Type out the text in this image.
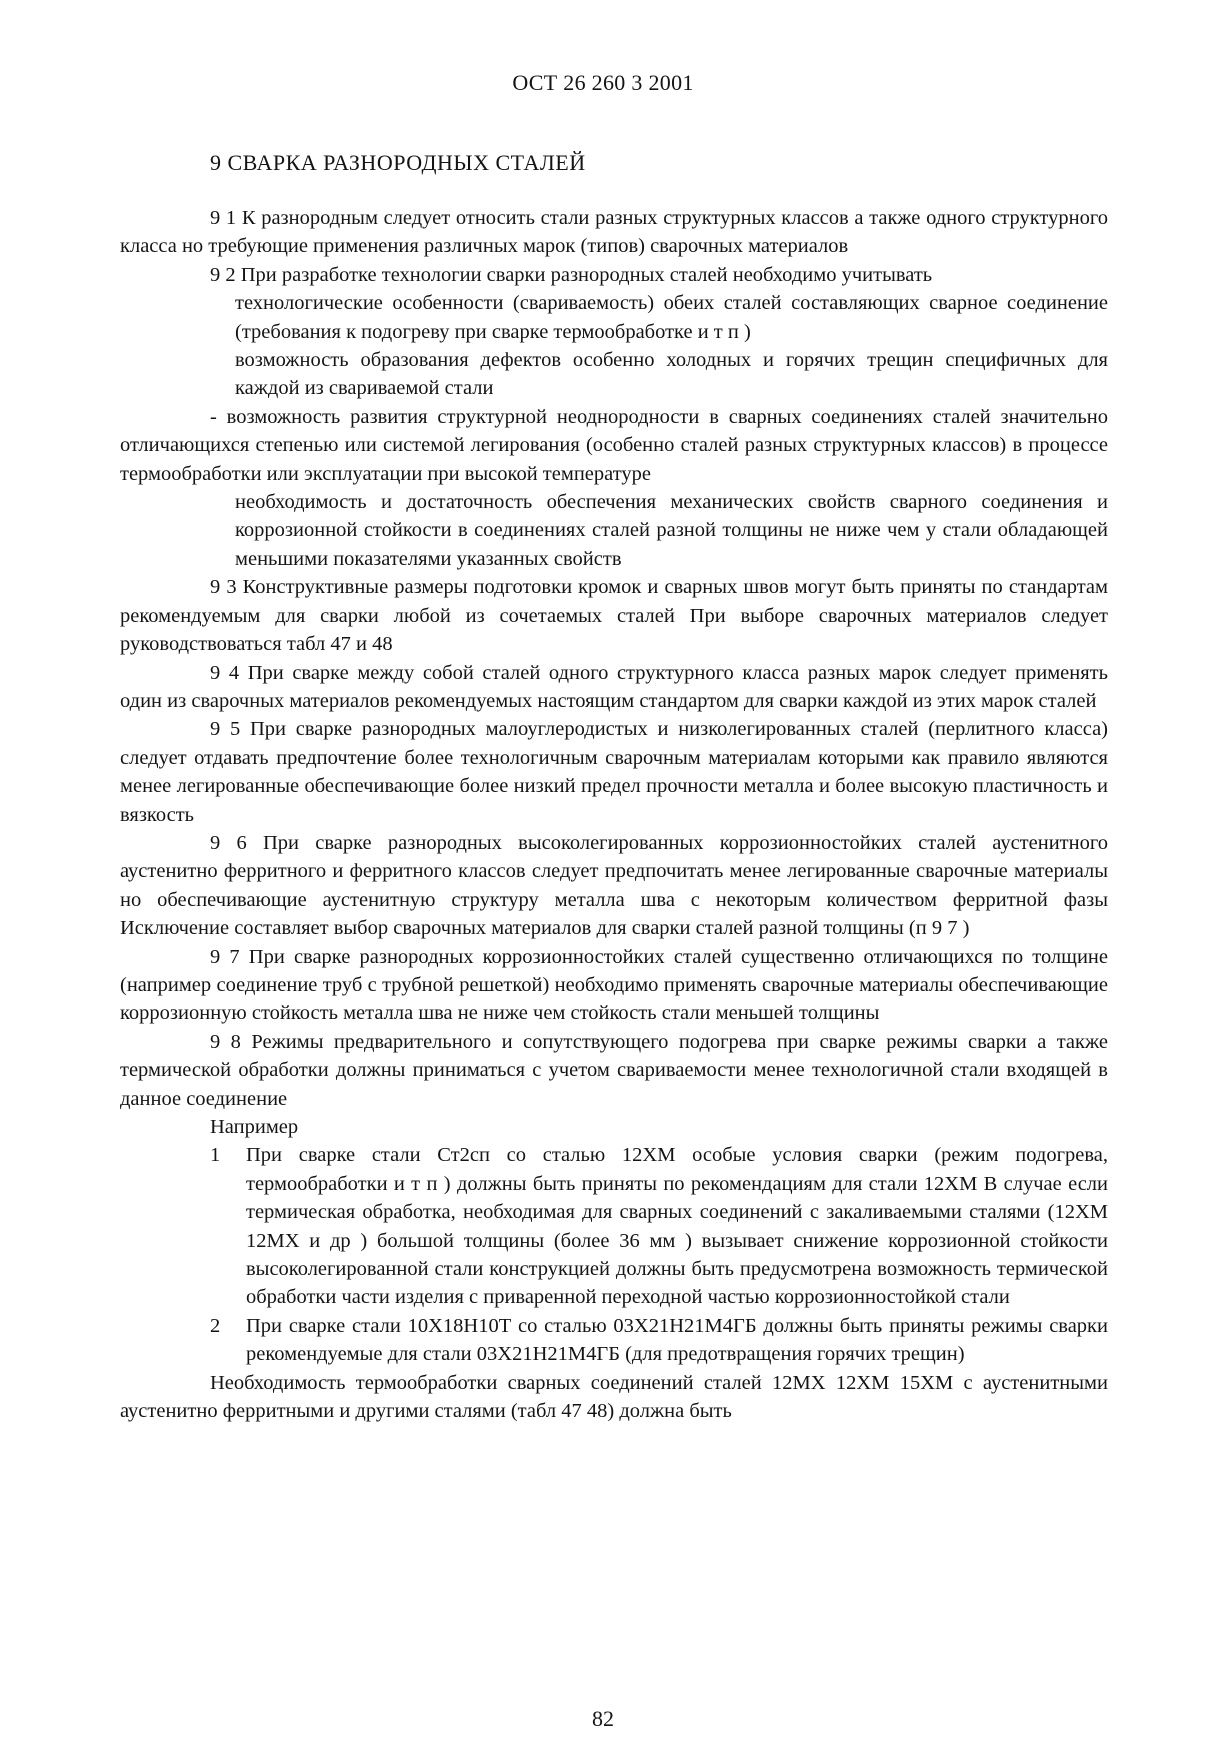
ОСТ 26 260 3 2001
9 СВАРКА РАЗНОРОДНЫХ СТАЛЕЙ

9 1 К разнородным следует относить стали разных структурных классов а также одного структурного класса но требующие применения различных марок (типов) сварочных материалов

9 2 При разработке технологии сварки разнородных сталей необходимо учитывать

технологические особенности (свариваемость) обеих сталей составляющих сварное соединение (требования к подогреву при сварке термообработке и т п )

возможность образования дефектов особенно холодных и горячих трещин специфичных для каждой из свариваемой стали

- возможность развития структурной неоднородности в сварных соединениях сталей значительно отличающихся степенью или системой легирования (особенно сталей разных структурных классов) в процессе термообработки или эксплуатации при высокой температуре

необходимость и достаточность обеспечения механических свойств сварного соединения и коррозионной стойкости в соединениях сталей разной толщины не ниже чем у стали обладающей меньшими показателями указанных свойств

9 3 Конструктивные размеры подготовки кромок и сварных швов могут быть приняты по стандартам рекомендуемым для сварки любой из сочетаемых сталей При выборе сварочных материалов следует руководствоваться табл 47 и 48

9 4 При сварке между собой сталей одного структурного класса разных марок следует применять один из сварочных материалов рекомендуемых настоящим стандартом для сварки каждой из этих марок сталей

9 5 При сварке разнородных малоуглеродистых и низколегированных сталей (перлитного класса) следует отдавать предпочтение более технологичным сварочным материалам которыми как правило являются менее легированные обеспечивающие более низкий предел прочности металла и более высокую пластичность и вязкость

9 6 При сварке разнородных высоколегированных коррозионностойких сталей аустенитного аустенитно ферритного и ферритного классов следует предпочитать менее легированные сварочные материалы но обеспечивающие аустенитную структуру металла шва с некоторым количеством ферритной фазы Исключение составляет выбор сварочных материалов для сварки сталей разной толщины (п 9 7 )

9 7 При сварке разнородных коррозионностойких сталей существенно отличающихся по толщине (например соединение труб с трубной решеткой) необходимо применять сварочные материалы обеспечивающие коррозионную стойкость металла шва не ниже чем стойкость стали меньшей толщины

9 8 Режимы предварительного и сопутствующего подогрева при сварке режимы сварки а также термической обработки должны приниматься с учетом свариваемости менее технологичной стали входящей в данное соединение

Например

1	При сварке стали Ст2сп со сталью 12ХМ особые условия сварки (режим подогрева, термообработки и т п ) должны быть приняты по рекомендациям для стали 12ХМ В случае если термическая обработка, необходимая для сварных соединений с закаливаемыми сталями (12ХМ 12МХ и др ) большой толщины (более 36 мм ) вызывает снижение коррозионной стойкости высоколегированной стали конструкцией должны быть предусмотрена возможность термической обработки части изделия с приваренной переходной частью коррозионностойкой стали
2	При сварке стали 10Х18Н10Т со сталью 03Х21Н21М4ГБ должны быть приняты режимы сварки рекомендуемые для стали 03Х21Н21М4ГБ (для предотвращения горячих трещин)

Необходимость термообработки сварных соединений сталей 12МХ 12ХМ 15ХМ с аустенитными аустенитно ферритными и другими сталями (табл 47 48) должна быть

82
